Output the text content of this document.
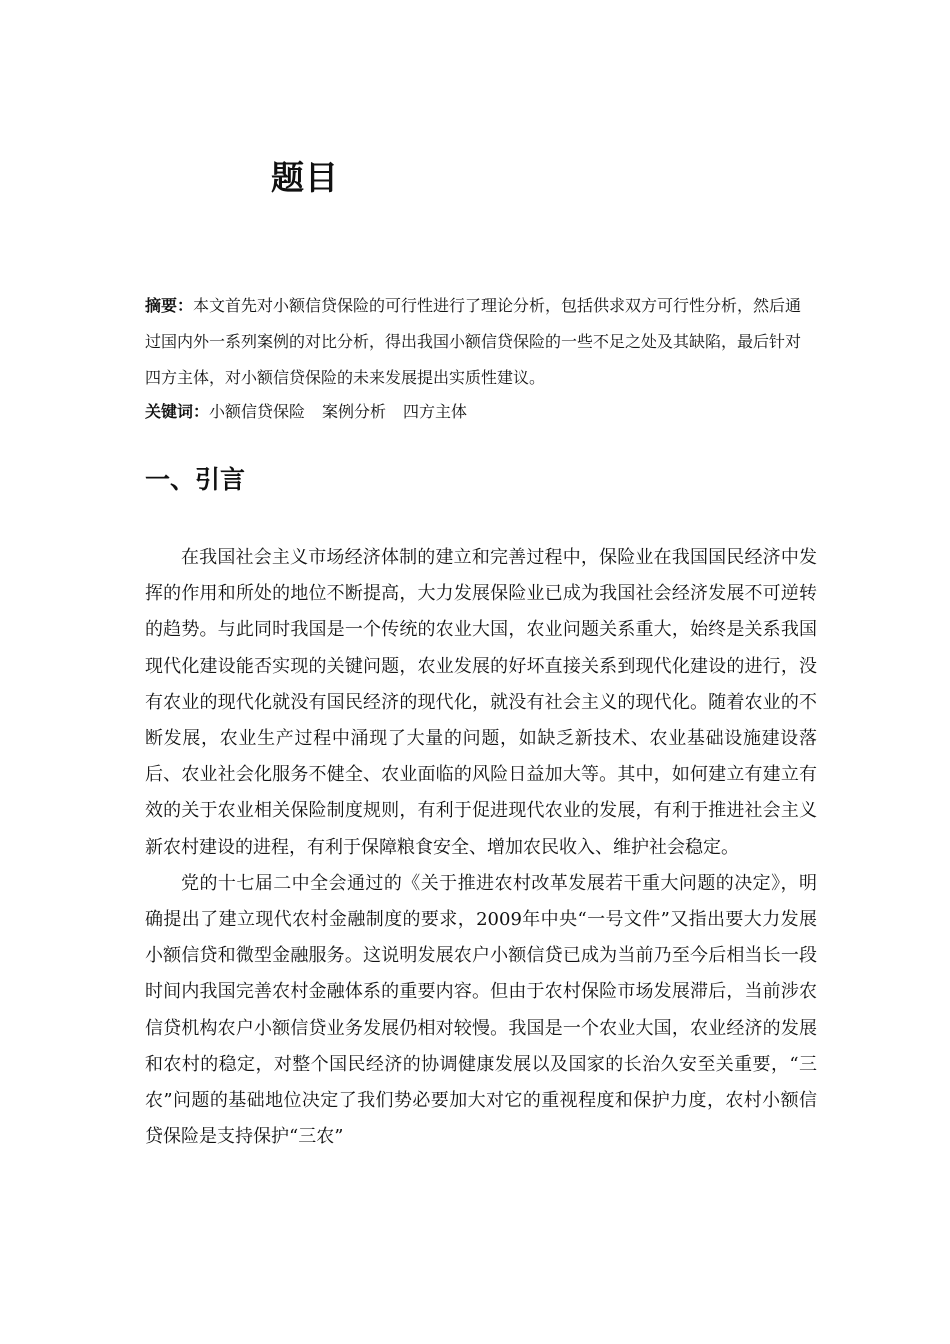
题目

摘要：本文首先对小额信贷保险的可行性进行了理论分析，包括供求双方可行性分析，然后通过国内外一系列案例的对比分析，得出我国小额信贷保险的一些不足之处及其缺陷，最后针对四方主体，对小额信贷保险的未来发展提出实质性建议。

关键词：小额信贷保险 案例分析 四方主体

一、引言

在我国社会主义市场经济体制的建立和完善过程中，保险业在我国国民经济中发挥的作用和所处的地位不断提高，大力发展保险业已成为我国社会经济发展不可逆转的趋势。与此同时我国是一个传统的农业大国，农业问题关系重大，始终是关系我国现代化建设能否实现的关键问题，农业发展的好坏直接关系到现代化建设的进行，没有农业的现代化就没有国民经济的现代化，就没有社会主义的现代化。随着农业的不断发展，农业生产过程中涌现了大量的问题，如缺乏新技术、农业基础设施建设落后、农业社会化服务不健全、农业面临的风险日益加大等。其中，如何建立有建立有效的关于农业相关保险制度规则，有利于促进现代农业的发展，有利于推进社会主义新农村建设的进程，有利于保障粮食安全、增加农民收入、维护社会稳定。

党的十七届二中全会通过的《关于推进农村改革发展若干重大问题的决定》，明确提出了建立现代农村金融制度的要求，2009年中央“一号文件”又指出要大力发展小额信贷和微型金融服务。这说明发展农户小额信贷已成为当前乃至今后相当长一段时间内我国完善农村金融体系的重要内容。但由于农村保险市场发展滞后，当前涉农信贷机构农户小额信贷业务发展仍相对较慢。我国是一个农业大国，农业经济的发展和农村的稳定，对整个国民经济的协调健康发展以及国家的长治久安至关重要，“三农”问题的基础地位决定了我们势必要加大对它的重视程度和保护力度，农村小额信贷保险是支持保护“三农”
